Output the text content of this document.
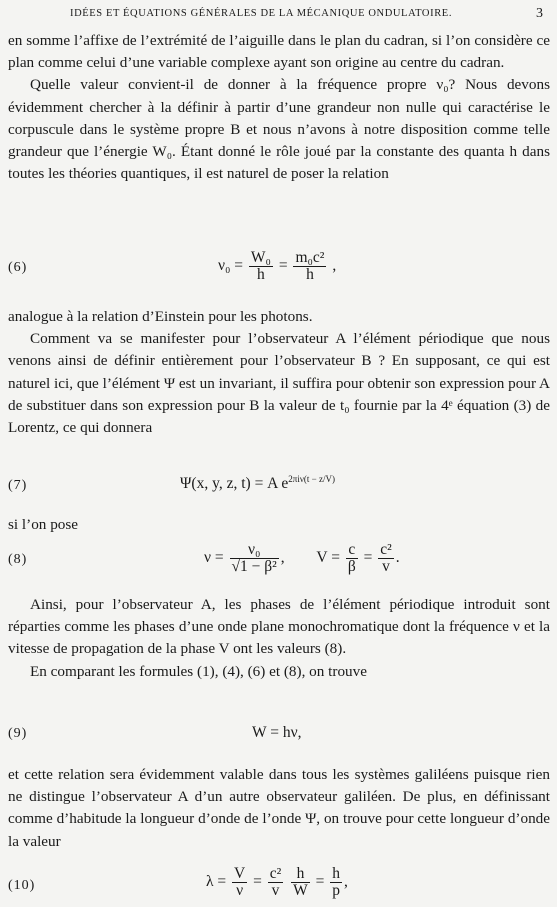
IDÉES ET ÉQUATIONS GÉNÉRALES DE LA MÉCANIQUE ONDULATOIRE.	3

en somme l’affixe de l’extrémité de l’aiguille dans le plan du cadran, si l’on considère ce plan comme celui d’une variable complexe ayant son origine au centre du cadran.

Quelle valeur convient-il de donner à la fréquence propre ν₀? Nous devons évidemment chercher à la définir à partir d’une grandeur non nulle qui caractérise le corpuscule dans le système propre B et nous n’avons à notre disposition comme telle grandeur que l’énergie W₀. Étant donné le rôle joué par la constante des quanta h dans toutes les théories quantiques, il est naturel de poser la relation

(6)	$\nu_0 = \frac{\text{W₀}}{h} = \frac{\text{m₀c²}}{h}$ ,

analogue à la relation d’Einstein pour les photons.

Comment va se manifester pour l’observateur A l’élément périodique que nous venons ainsi de définir entièrement pour l’observateur B ? En supposant, ce qui est naturel ici, que l’élément Ψ est un invariant, il suffira pour obtenir son expression pour A de substituer dans son expression pour B la valeur de t₀ fournie par la 4ᵉ équation (3) de Lorentz, ce qui donnera

(7)	Ψ(x, y, z, t) = A $e^{2\pi i\nu(t - z/V)}$

si l’on pose

(8)	$\nu = \frac{\text{ν₀}}{\text{√1 − β²}}$ , $V = \frac{c}{\beta} = \frac{\text{c²}}{v}$ .

Ainsi, pour l’observateur A, les phases de l’élément périodique introduit sont réparties comme les phases d’une onde plane monochromatique dont la fréquence ν et la vitesse de propagation de la phase V ont les valeurs (8).

En comparant les formules (1), (4), (6) et (8), on trouve

(9)	W = hν,

et cette relation sera évidemment valable dans tous les systèmes galiléens puisque rien ne distingue l’observateur A d’un autre observateur galiléen. De plus, en définissant comme d’habitude la longueur d’onde de l’onde Ψ, on trouve pour cette longueur d’onde la valeur

(10)	$\lambda = \frac{V}{\nu} = \frac{\text{c²}}{v}$
$\frac{h}{W} = \frac{h}{p}$ ,
